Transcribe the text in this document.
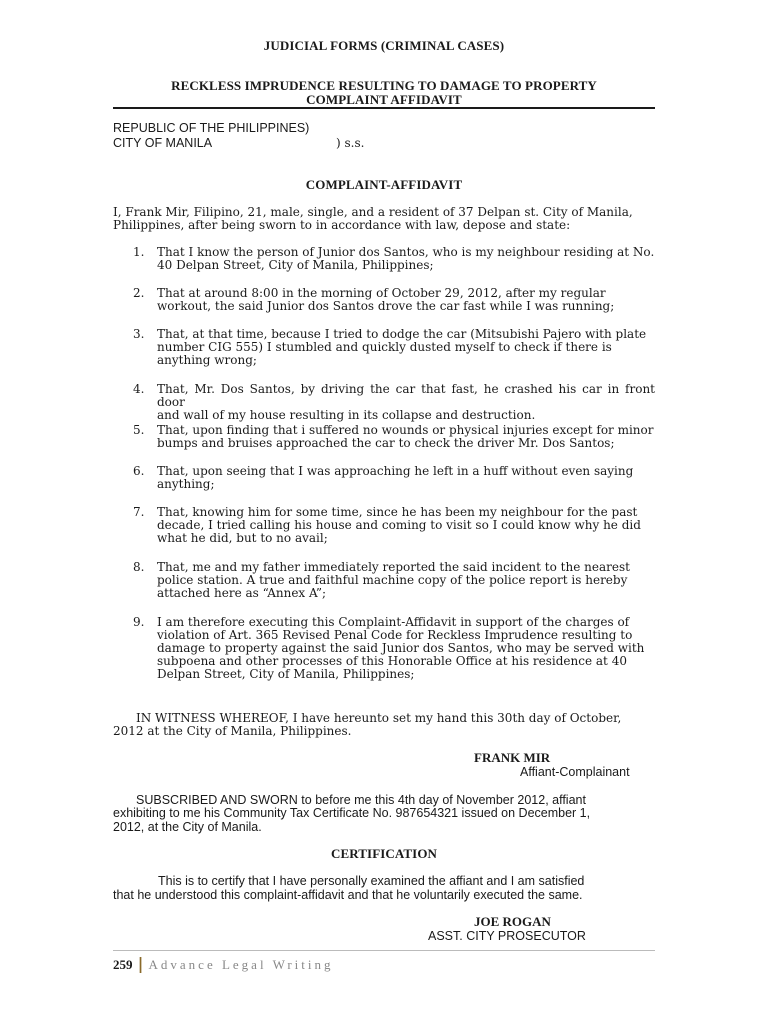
JUDICIAL FORMS (CRIMINAL CASES)
RECKLESS IMPRUDENCE RESULTING TO DAMAGE TO PROPERTY
COMPLAINT AFFIDAVIT
REPUBLIC OF THE PHILIPPINES)
CITY OF MANILA	) s.s.
COMPLAINT-AFFIDAVIT
I, Frank Mir, Filipino, 21, male, single, and a resident of 37 Delpan st. City of Manila,
Philippines, after being sworn to in accordance with law, depose and state:
1.	That I know the person of Junior dos Santos, who is my neighbour residing at No.
40 Delpan Street, City of Manila, Philippines;
2.	That at around 8:00 in the morning of October 29, 2012, after my regular
workout, the said Junior dos Santos drove the car fast while I was running;
3.	That, at that time, because I tried to dodge the car (Mitsubishi Pajero with plate
number CIG 555) I stumbled and quickly dusted myself to check if there is
anything wrong;
4.	That, Mr. Dos Santos, by driving the car that fast, he crashed his car in front door
and wall of my house resulting in its collapse and destruction.
5.	That, upon finding that i suffered no wounds or physical injuries except for minor
bumps and bruises approached the car to check the driver Mr. Dos Santos;
6.	That, upon seeing that I was approaching he left in a huff without even saying
anything;
7.	That, knowing him for some time, since he has been my neighbour for the past
decade, I tried calling his house and coming to visit so I could know why he did
what he did, but to no avail;
8.	That, me and my father immediately reported the said incident to the nearest
police station. A true and faithful machine copy of the police report is hereby
attached here as “Annex A”;
9.	I am therefore executing this Complaint-Affidavit in support of the charges of
violation of Art. 365 Revised Penal Code for Reckless Imprudence resulting to
damage to property against the said Junior dos Santos, who may be served with
subpoena and other processes of this Honorable Office at his residence at 40
Delpan Street, City of Manila, Philippines;
IN WITNESS WHEREOF, I have hereunto set my hand this 30th day of October,
2012 at the City of Manila, Philippines.
FRANK MIR
Affiant-Complainant
SUBSCRIBED AND SWORN to before me this 4th day of November 2012, affiant
exhibiting to me his Community Tax Certificate No. 987654321 issued on December 1,
2012, at the City of Manila.
CERTIFICATION
This is to certify that I have personally examined the affiant and I am satisfied
that he understood this complaint-affidavit and that he voluntarily executed the same.
JOE ROGAN
ASST. CITY PROSECUTOR
259 | Advance Legal Writing
